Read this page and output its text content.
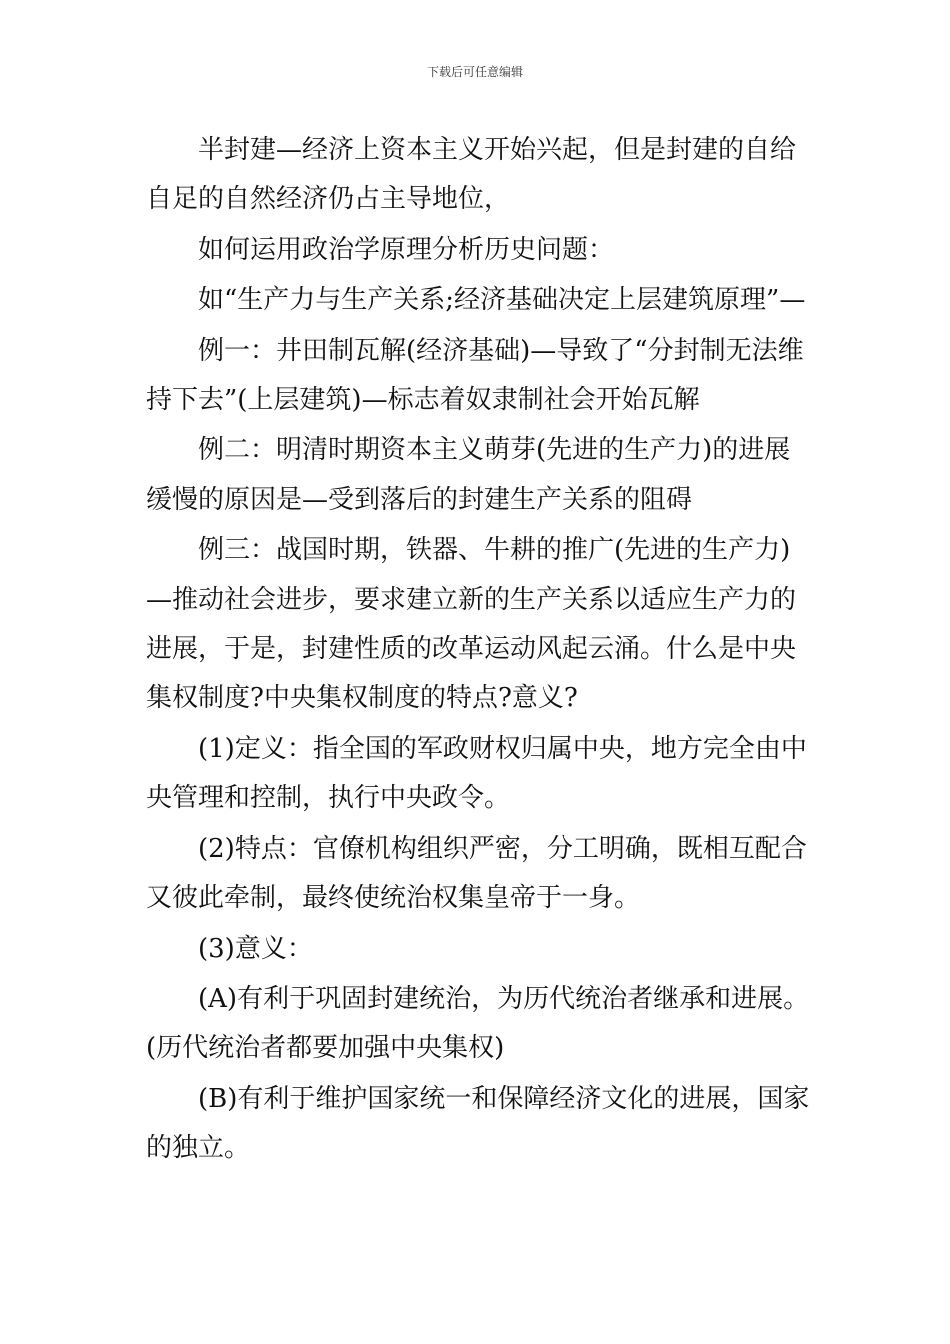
下载后可任意编辑

半封建—经济上资本主义开始兴起，但是封建的自给自足的自然经济仍占主导地位，

如何运用政治学原理分析历史问题：

如“生产力与生产关系;经济基础决定上层建筑原理”—

例一：井田制瓦解(经济基础)—导致了“分封制无法维持下去”(上层建筑)—标志着奴隶制社会开始瓦解

例二：明清时期资本主义萌芽(先进的生产力)的进展缓慢的原因是—受到落后的封建生产关系的阻碍

例三：战国时期，铁器、牛耕的推广(先进的生产力)—推动社会进步，要求建立新的生产关系以适应生产力的进展，于是，封建性质的改革运动风起云涌。什么是中央集权制度?中央集权制度的特点?意义?

(1)定义：指全国的军政财权归属中央，地方完全由中央管理和控制，执行中央政令。

(2)特点：官僚机构组织严密，分工明确，既相互配合又彼此牵制，最终使统治权集皇帝于一身。

(3)意义：

(A)有利于巩固封建统治，为历代统治者继承和进展。(历代统治者都要加强中央集权)

(B)有利于维护国家统一和保障经济文化的进展，国家的独立。
